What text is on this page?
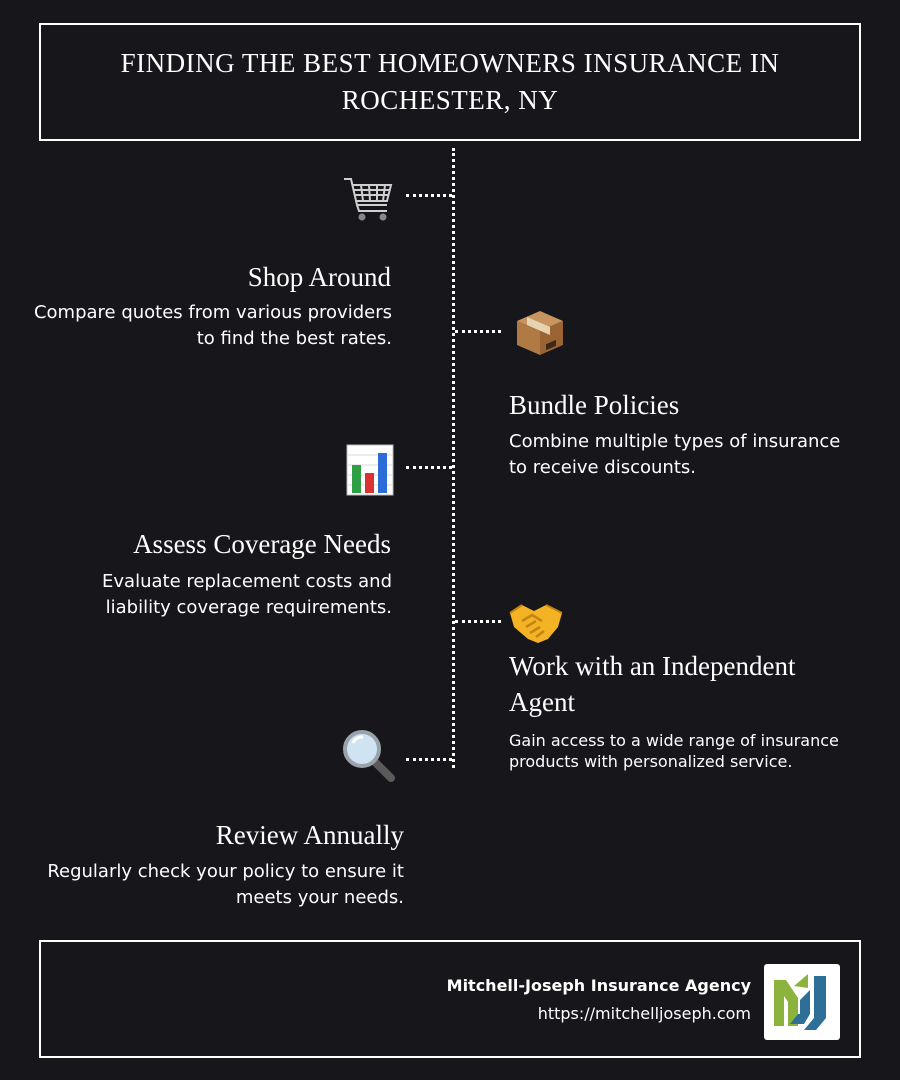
FINDING THE BEST HOMEOWNERS INSURANCE IN ROCHESTER, NY
Shop Around

Compare quotes from various providers to find the best rates.

Bundle Policies

Combine multiple types of insurance to receive discounts.

Assess Coverage Needs

Evaluate replacement costs and liability coverage requirements.

Work with an Independent Agent

Gain access to a wide range of insurance products with personalized service.

Review Annually

Regularly check your policy to ensure it meets your needs.

Mitchell-Joseph Insurance Agency
https://mitchelljoseph.com
